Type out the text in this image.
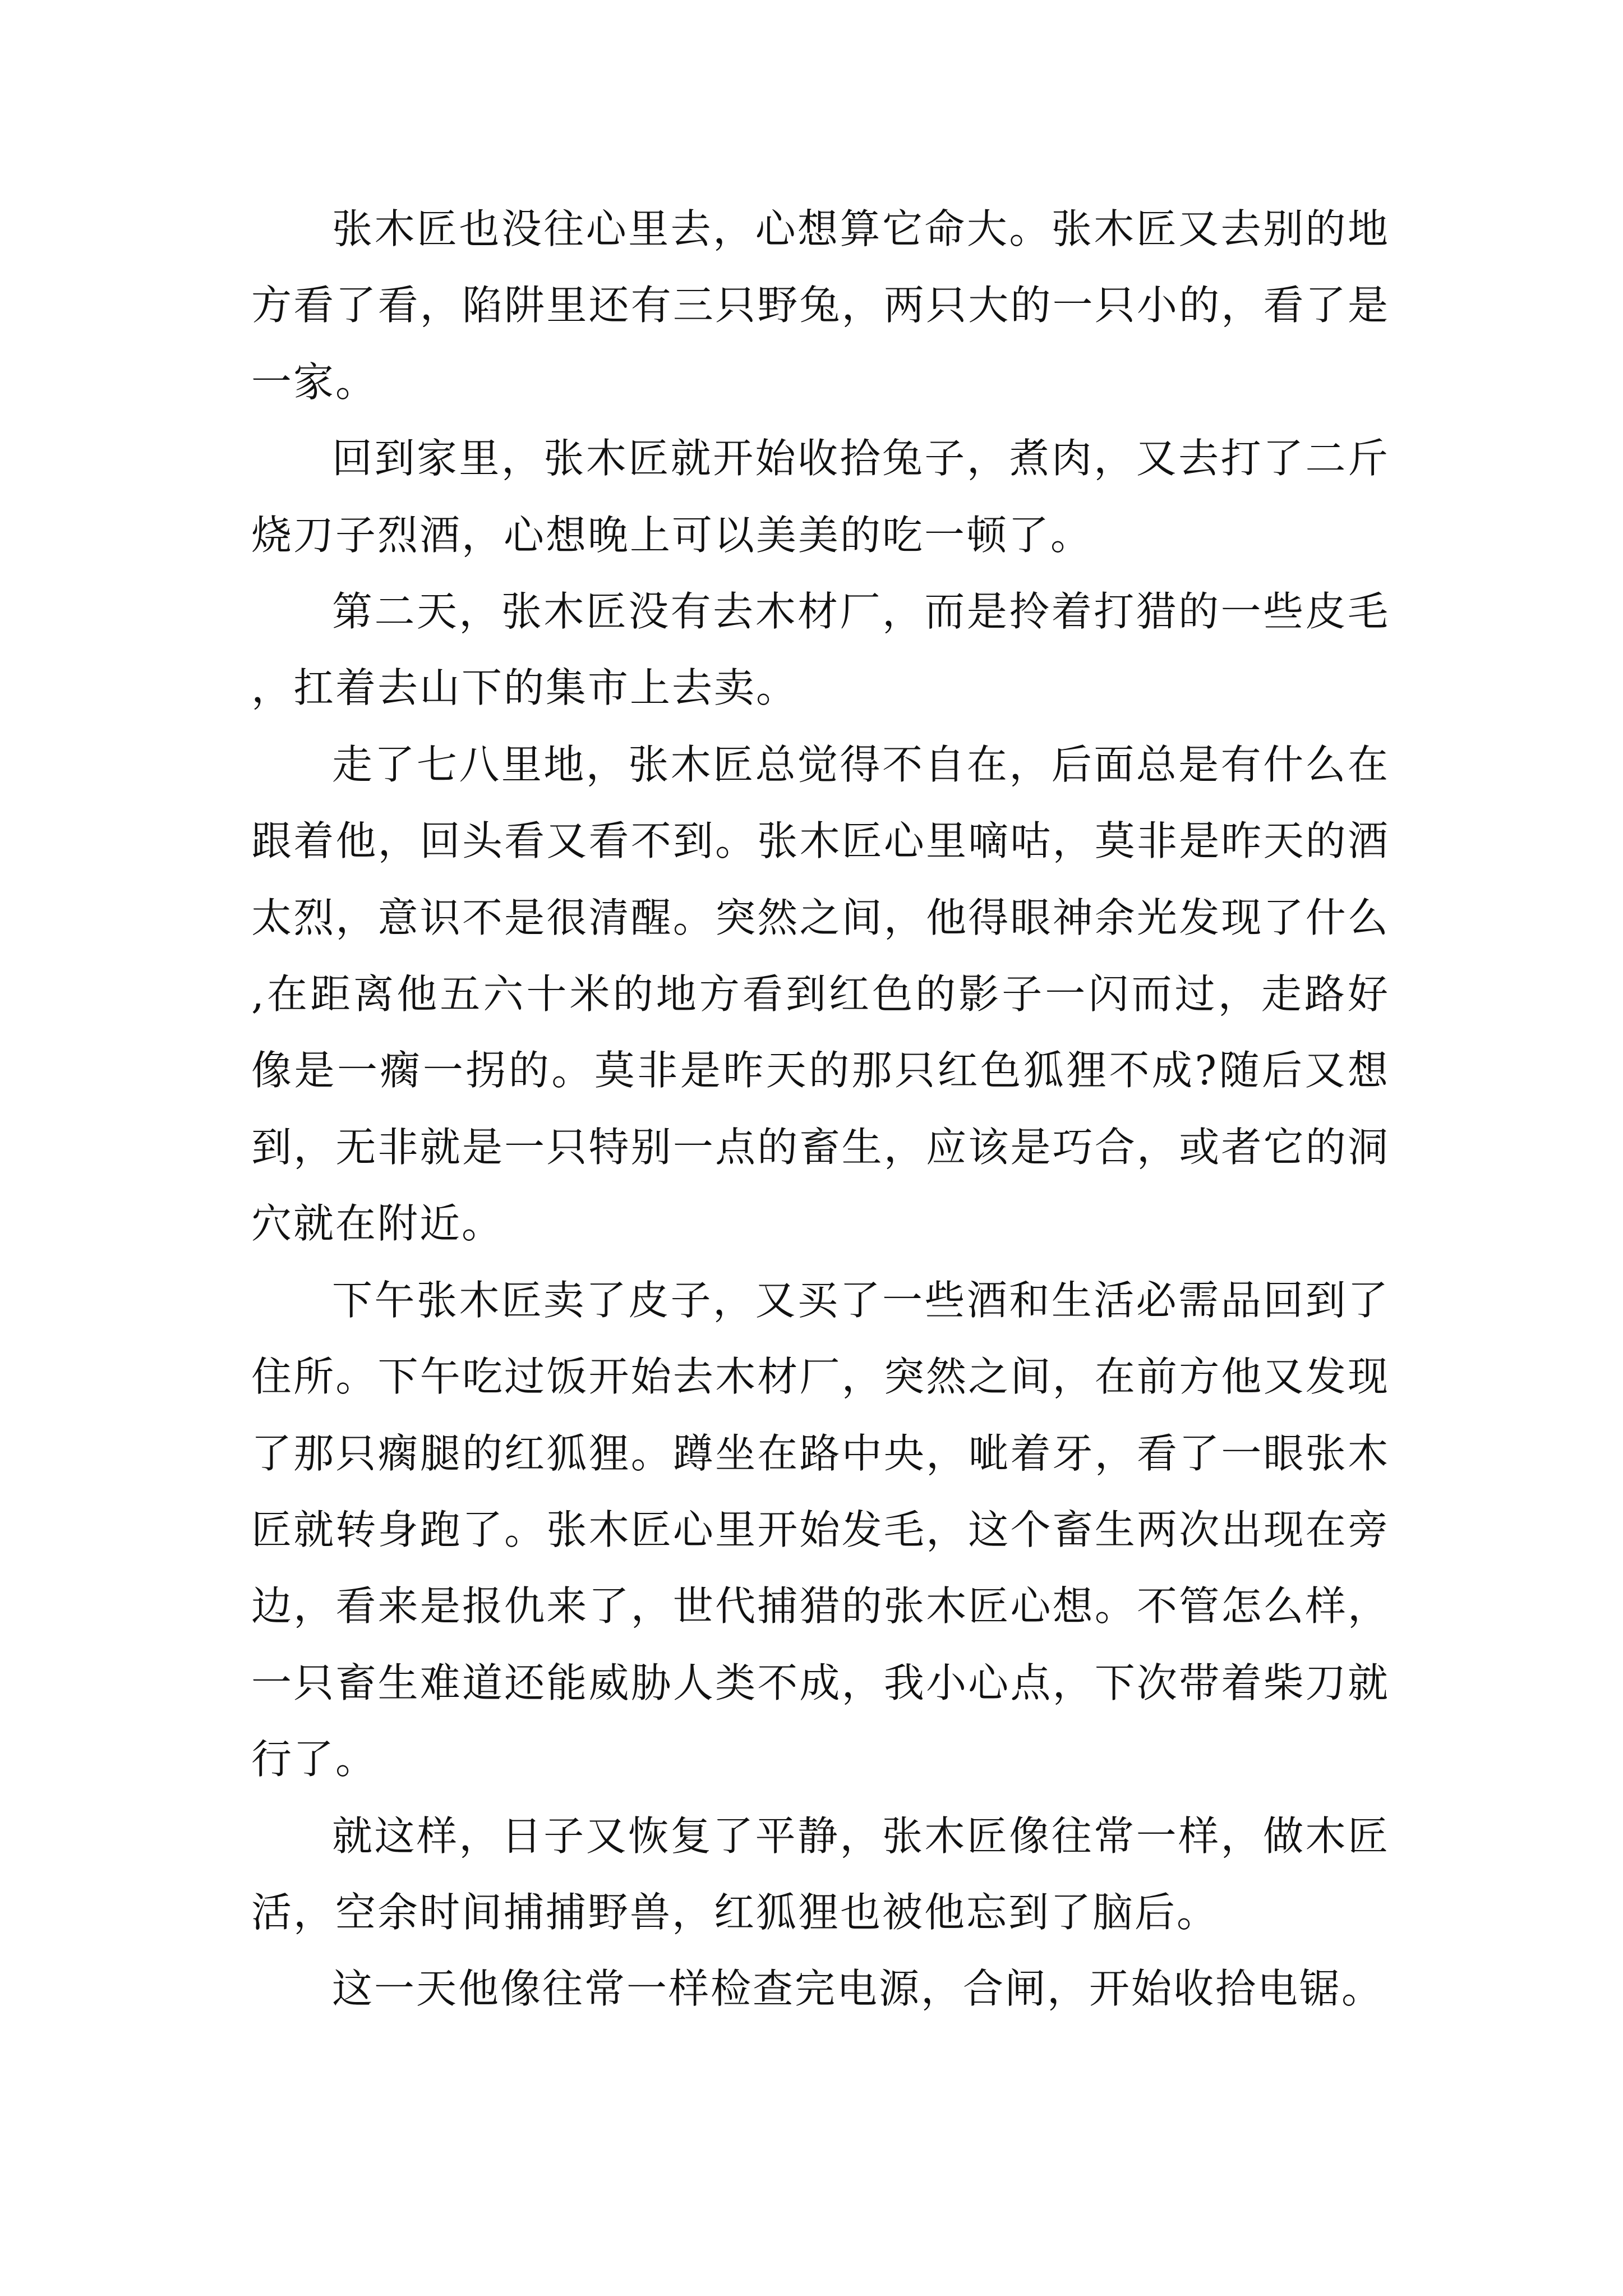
张木匠也没往心里去，心想算它命大。张木匠又去别的地方看了看，陷阱里还有三只野兔，两只大的一只小的，看了是一家。

回到家里，张木匠就开始收拾兔子，煮肉，又去打了二斤烧刀子烈酒，心想晚上可以美美的吃一顿了。

第二天，张木匠没有去木材厂，而是拎着打猎的一些皮毛，扛着去山下的集市上去卖。

走了七八里地，张木匠总觉得不自在，后面总是有什么在跟着他，回头看又看不到。张木匠心里嘀咕，莫非是昨天的酒太烈，意识不是很清醒。突然之间，他得眼神余光发现了什么,在距离他五六十米的地方看到红色的影子一闪而过，走路好像是一瘸一拐的。莫非是昨天的那只红色狐狸不成?随后又想到，无非就是一只特别一点的畜生，应该是巧合，或者它的洞穴就在附近。

下午张木匠卖了皮子，又买了一些酒和生活必需品回到了住所。下午吃过饭开始去木材厂，突然之间，在前方他又发现了那只瘸腿的红狐狸。蹲坐在路中央，呲着牙，看了一眼张木匠就转身跑了。张木匠心里开始发毛，这个畜生两次出现在旁边，看来是报仇来了，世代捕猎的张木匠心想。不管怎么样，一只畜生难道还能威胁人类不成，我小心点，下次带着柴刀就行了。

就这样，日子又恢复了平静，张木匠像往常一样，做木匠活，空余时间捕捕野兽，红狐狸也被他忘到了脑后。

这一天他像往常一样检查完电源，合闸，开始收拾电锯。
